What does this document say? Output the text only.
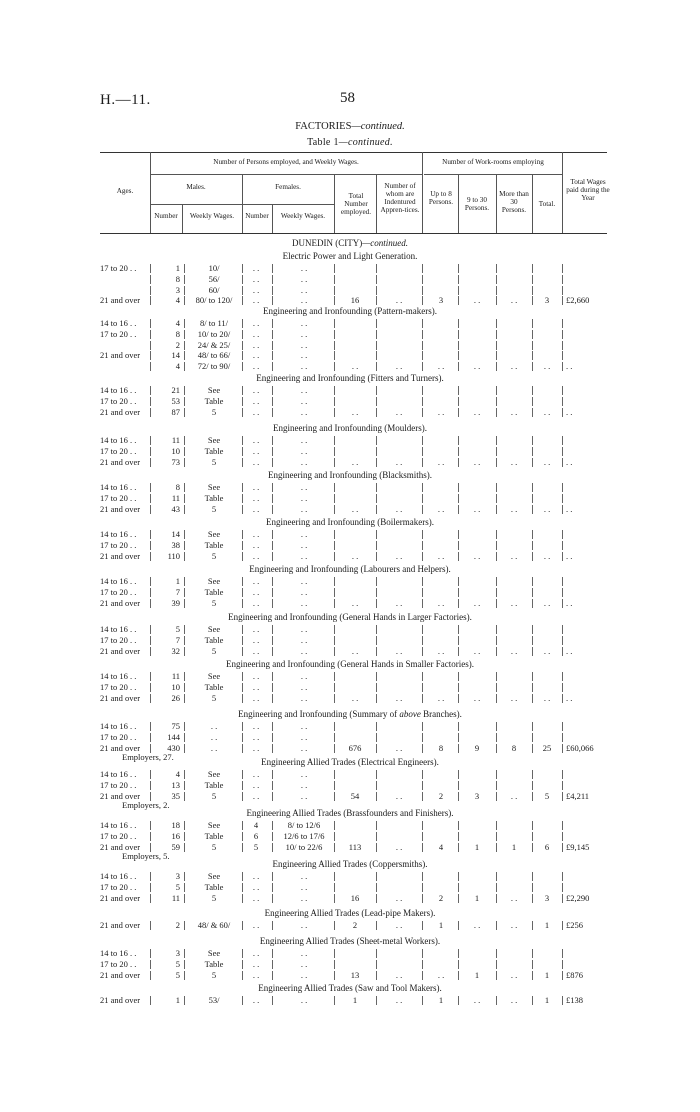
H.—11.	58
FACTORIES—continued.
Table 1—continued.
Ages.
Number of Persons employed, and Weekly Wages.
Males.	Females.
Number	Weekly Wages.	Number	Weekly Wages.
Total Number employed.
Number of whom are Indentured Appren-tices.
Number of Work-rooms employing
Up to 8 Persons.	9 to 30 Persons.
More than 30 Persons.
Total.
Total Wages paid during the Year
DUNEDIN (CITY)—continued.
Electric Power and Light Generation.
17 to 20 . .	1	10/	. .	. .
8	56/	. .	. .
3	60/	. .	. .
21 and over	4	80/ to 120/	. .	. .	16	. .	3	. .	. .	3	£2,660
Engineering and Ironfounding (Pattern-makers).
14 to 16 . .	4	8/ to 11/	. .	. .
17 to 20 . .	8	10/ to 20/	. .	. .
2	24/ & 25/	. .	. .
21 and over	14	48/ to 66/	. .	. .
4	72/ to 90/	. .	. .	. .	. .	. .	. .	. .	. .	. .
Engineering and Ironfounding (Fitters and Turners).
14 to 16 . .	21	See	. .	. .
17 to 20 . .	53	Table	. .	. .
21 and over	87	5	. .	. .	. .	. .	. .	. .	. .	. .	. .
Engineering and Ironfounding (Moulders).
14 to 16 . .	11	See	. .	. .
17 to 20 . .	10	Table	. .	. .
21 and over	73	5	. .	. .	. .	. .	. .	. .	. .	. .	. .
Engineering and Ironfounding (Blacksmiths).
14 to 16 . .	8	See	. .	. .
17 to 20 . .	11	Table	. .	. .
21 and over	43	5	. .	. .	. .	. .	. .	. .	. .	. .	. .
Engineering and Ironfounding (Boilermakers).
14 to 16 . .	14	See	. .	. .
17 to 20 . .	38	Table	. .	. .
21 and over	110	5	. .	. .	. .	. .	. .	. .	. .	. .	. .
Engineering and Ironfounding (Labourers and Helpers).
14 to 16 . .	1	See	. .	. .
17 to 20 . .	7	Table	. .	. .
21 and over	39	5	. .	. .	. .	. .	. .	. .	. .	. .	. .
Engineering and Ironfounding (General Hands in Larger Factories).
14 to 16 . .	5	See	. .	. .
17 to 20 . .	7	Table	. .	. .
21 and over	32	5	. .	. .	. .	. .	. .	. .	. .	. .	. .
Engineering and Ironfounding (General Hands in Smaller Factories).
14 to 16 . .	11	See	. .	. .
17 to 20 . .	10	Table	. .	. .
21 and over	26	5	. .	. .	. .	. .	. .	. .	. .	. .	. .
Engineering and Ironfounding (Summary of above Branches).
14 to 16 . .	75	. .	. .	. .
17 to 20 . .	144	. .	. .	. .
21 and over	430	. .	. .	. .	676	. .	8	9	8	25	£60,066
Employers, 27.	Engineering Allied Trades (Electrical Engineers).
14 to 16 . .	4	See	. .	. .
17 to 20 . .	13	Table	. .	. .
21 and over	35	5	. .	. .	54	. .	2	3	. .	5	£4,211
Employers, 2.
Engineering Allied Trades (Brassfounders and Finishers).
14 to 16 . .	18	See	4	8/ to 12/6
17 to 20 . .	16	Table	6	12/6 to 17/6
21 and over	59	5	5	10/ to 22/6	113	. .	4	1	1	6	£9,145
Employers, 5.
Engineering Allied Trades (Coppersmiths).
14 to 16 . .	3	See	. .	. .
17 to 20 . .	5	Table	. .	. .
21 and over	11	5	. .	. .	16	. .	2	1	. .	3	£2,290
Engineering Allied Trades (Lead-pipe Makers).
21 and over	2	48/ & 60/	. .	. .	2	. .	1	. .	. .	1	£256
Engineering Allied Trades (Sheet-metal Workers).
14 to 16 . .	3	See	. .	. .
17 to 20 . .	5	Table	. .	. .
21 and over	5	5	. .	. .	13	. .	. .	1	. .	1	£876
Engineering Allied Trades (Saw and Tool Makers).
21 and over	1	53/	. .	. .	1	. .	1	. .	. .	1	£138
